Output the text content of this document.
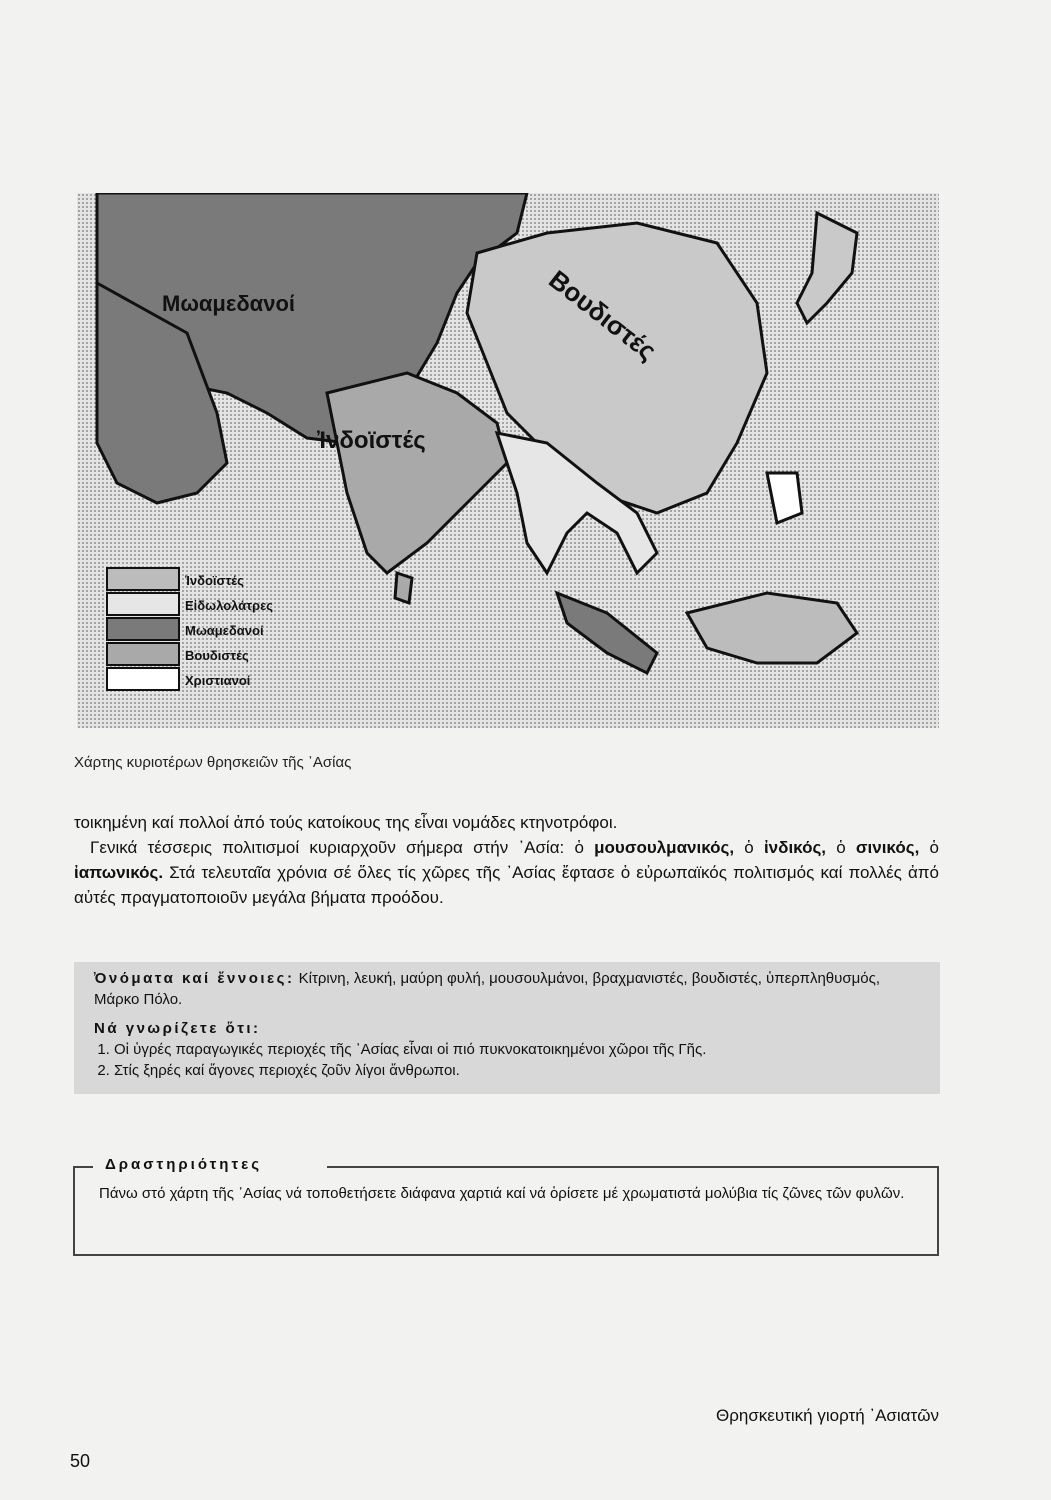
Μωαμεδανοί	Βουδιστές
Ἰνδοϊστές
Ἰνδοϊστές
Εἰδωλολάτρες
Μωαμεδανοί
Βουδιστές
Χριστιανοί
Χάρτης κυριοτέρων θρησκειῶν τῆς ᾿Ασίας

τοικημένη καί πολλοί ἀπό τούς κατοίκους της εἶναι νομάδες κτηνοτρόφοι.

Γενικά τέσσερις πολιτισμοί κυριαρχοῦν σήμερα στήν ᾿Ασία: ὁ μουσουλμανικός, ὁ ἰνδικός, ὁ σινικός, ὁ ἰαπωνικός. Στά τελευταῖα χρόνια σέ ὅλες τίς χῶρες τῆς ᾿Ασίας ἔφτασε ὁ εὐρωπαϊκός πολιτισμός καί πολλές ἀπό αὐτές πραγματοποιοῦν μεγάλα βήματα προόδου.

Ὀνόματα καί ἔννοιες: Κίτρινη, λευκή, μαύρη φυλή, μουσουλμάνοι, βραχμανιστές, βουδιστές, ὑπερπληθυσμός, Μάρκο Πόλο.
Νά γνωρίζετε ὅτι:
1. Οἱ ὑγρές παραγωγικές περιοχές τῆς ᾿Ασίας εἶναι οἱ πιό πυκνοκατοικημένοι χῶροι τῆς Γῆς.
2. Στίς ξηρές καί ἄγονες περιοχές ζοῦν λίγοι ἄνθρωποι.
Δραστηριότητες
Πάνω στό χάρτη τῆς ᾿Ασίας νά τοποθετήσετε διάφανα χαρτιά καί νά ὁρίσετε μέ χρωματιστά μολύβια τίς ζῶνες τῶν φυλῶν.
Θρησκευτική γιορτή ᾿Ασιατῶν
50
